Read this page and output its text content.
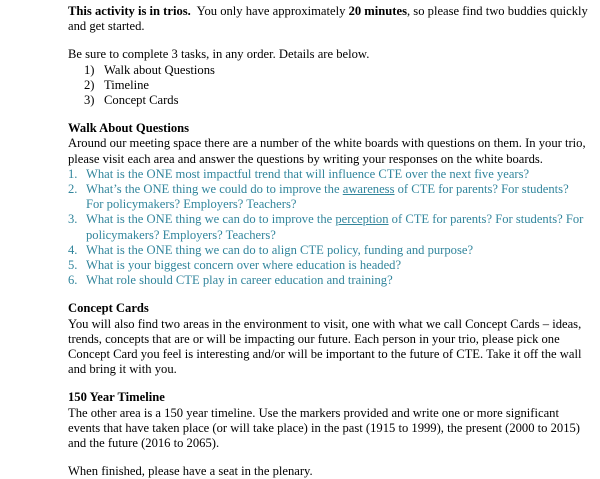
This activity is in trios.  You only have approximately 20 minutes, so please find two buddies quickly and get started.

Be sure to complete 3 tasks, in any order. Details are below.

1) Walk about Questions
2) Timeline
3) Concept Cards

Walk About Questions

Around our meeting space there are a number of the white boards with questions on them. In your trio, please visit each area and answer the questions by writing your responses on the white boards.

1. What is the ONE most impactful trend that will influence CTE over the next five years?
2. What’s the ONE thing we could do to improve the awareness of CTE for parents? For students? For policymakers? Employers? Teachers?
3. What is the ONE thing we can do to improve the perception of CTE for parents? For students? For policymakers? Employers? Teachers?
4. What is the ONE thing we can do to align CTE policy, funding and purpose?
5. What is your biggest concern over where education is headed?
6. What role should CTE play in career education and training?

Concept Cards

You will also find two areas in the environment to visit, one with what we call Concept Cards – ideas, trends, concepts that are or will be impacting our future. Each person in your trio, please pick one Concept Card you feel is interesting and/or will be important to the future of CTE. Take it off the wall and bring it with you.

150 Year Timeline

The other area is a 150 year timeline. Use the markers provided and write one or more significant events that have taken place (or will take place) in the past (1915 to 1999), the present (2000 to 2015) and the future (2016 to 2065).

When finished, please have a seat in the plenary.
